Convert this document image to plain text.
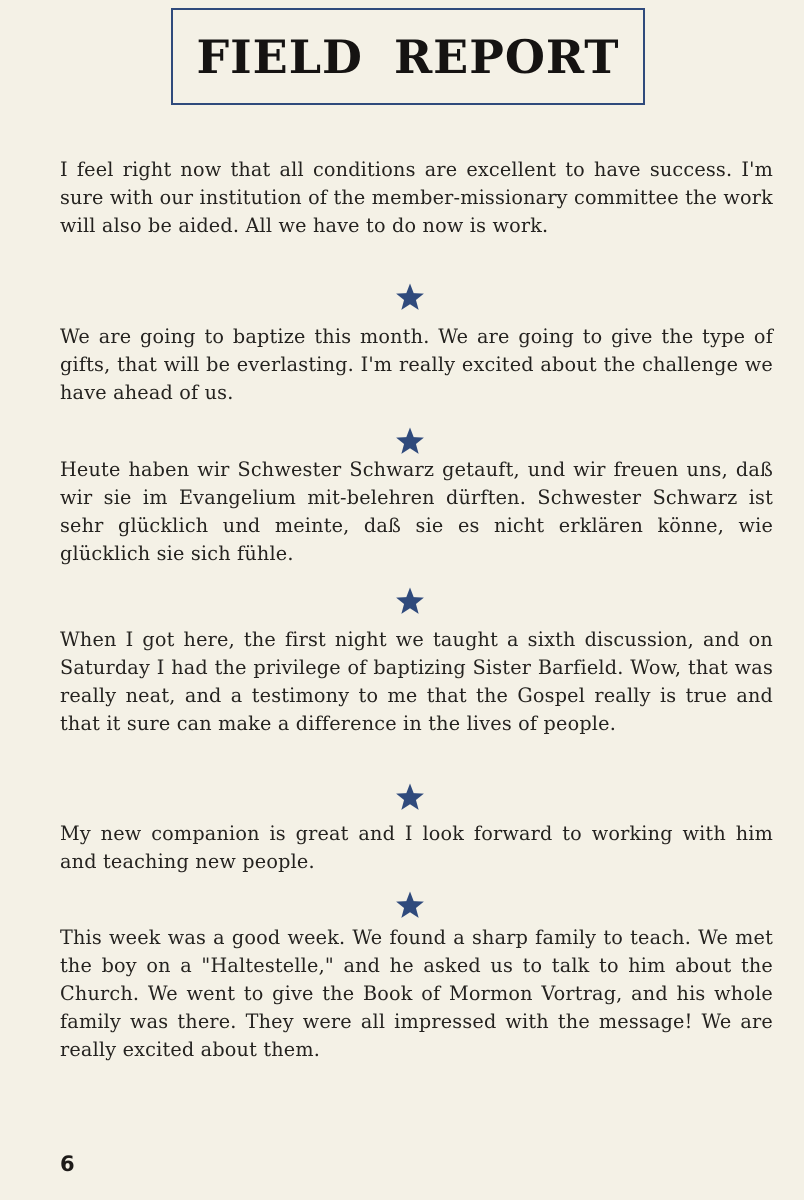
FIELD REPORT

I feel right now that all conditions are excellent to have success. I'm sure with our institution of the member-missionary committee the work will also be aided. All we have to do now is work.

We are going to baptize this month. We are going to give the type of gifts, that will be everlasting. I'm really excited about the challenge we have ahead of us.

Heute haben wir Schwester Schwarz getauft, und wir freuen uns, daß wir sie im Evangelium mit-belehren dürften. Schwester Schwarz ist sehr glücklich und meinte, daß sie es nicht erklären könne, wie glücklich sie sich fühle.

When I got here, the first night we taught a sixth discussion, and on Saturday I had the privilege of baptizing Sister Barfield. Wow, that was really neat, and a testimony to me that the Gospel really is true and that it sure can make a difference in the lives of people.

My new companion is great and I look forward to working with him and teaching new people.

This week was a good week. We found a sharp family to teach. We met the boy on a "Haltestelle," and he asked us to talk to him about the Church. We went to give the Book of Mormon Vortrag, and his whole family was there. They were all impressed with the message! We are really excited about them.

6
